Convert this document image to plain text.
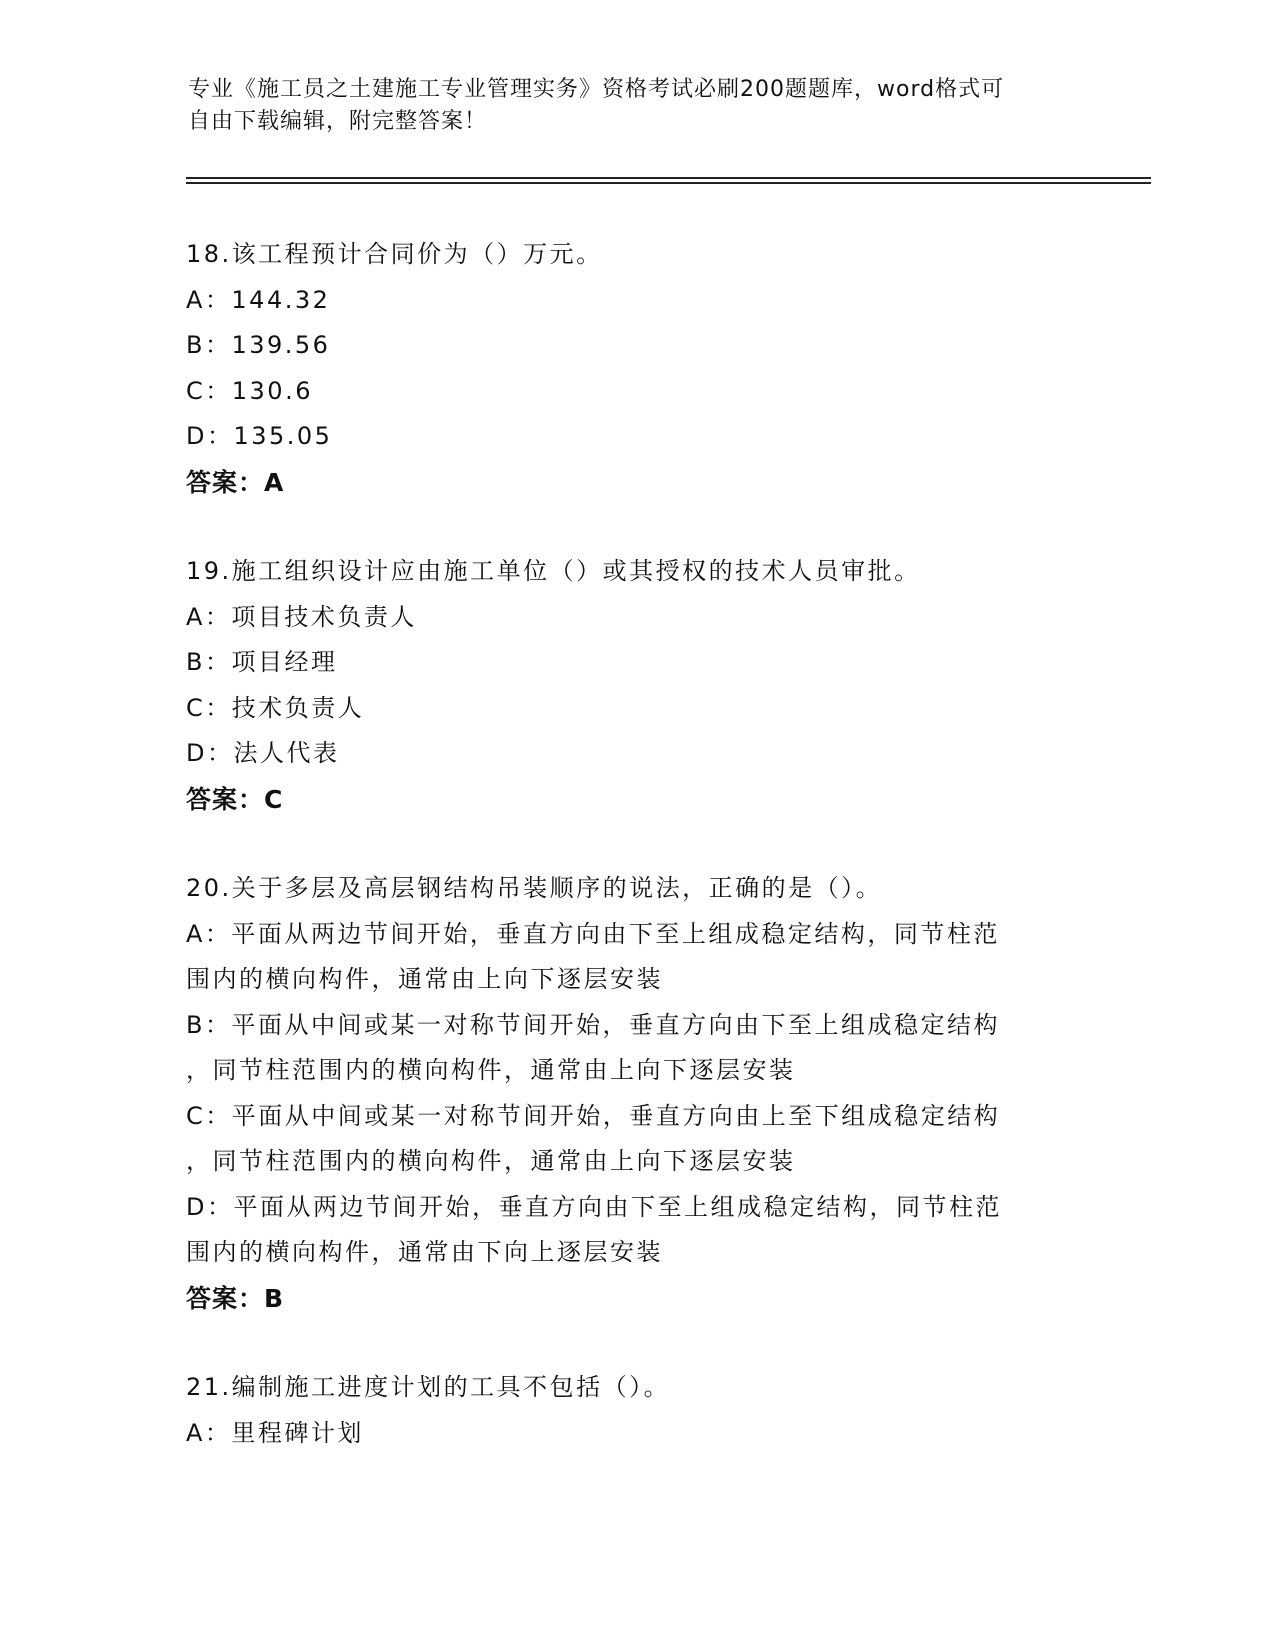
专业《施工员之土建施工专业管理实务》资格考试必刷200题题库，word格式可
自由下载编辑，附完整答案！
18.该工程预计合同价为（）万元。
A：144.32
B：139.56
C：130.6
D：135.05
答案：A
19.施工组织设计应由施工单位（）或其授权的技术人员审批。
A：项目技术负责人
B：项目经理
C：技术负责人
D：法人代表
答案：C
20.关于多层及高层钢结构吊装顺序的说法，正确的是（）。
A：平面从两边节间开始，垂直方向由下至上组成稳定结构，同节柱范
围内的横向构件，通常由上向下逐层安装
B：平面从中间或某一对称节间开始，垂直方向由下至上组成稳定结构
，同节柱范围内的横向构件，通常由上向下逐层安装
C：平面从中间或某一对称节间开始，垂直方向由上至下组成稳定结构
，同节柱范围内的横向构件，通常由上向下逐层安装
D：平面从两边节间开始，垂直方向由下至上组成稳定结构，同节柱范
围内的横向构件，通常由下向上逐层安装
答案：B
21.编制施工进度计划的工具不包括（）。
A：里程碑计划
